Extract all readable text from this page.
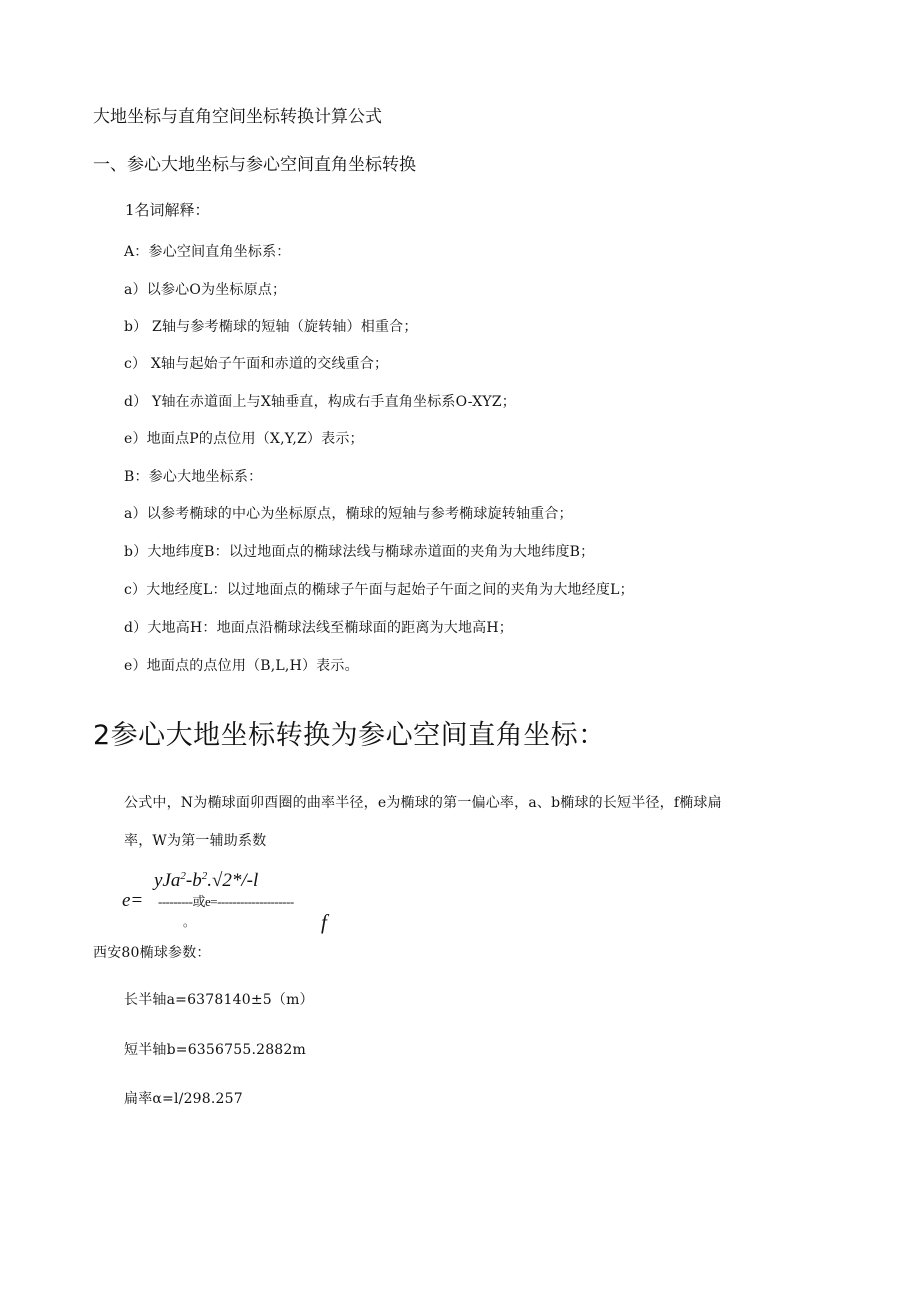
大地坐标与直角空间坐标转换计算公式
一、参心大地坐标与参心空间直角坐标转换
1名词解释：
A：参心空间直角坐标系：
a）以参心O为坐标原点；
b） Z轴与参考椭球的短轴（旋转轴）相重合；
c） X轴与起始子午面和赤道的交线重合；
d） Y轴在赤道面上与X轴垂直，构成右手直角坐标系O-XYZ；
e）地面点P的点位用（X,Y,Z）表示；
B：参心大地坐标系：
a）以参考椭球的中心为坐标原点，椭球的短轴与参考椭球旋转轴重合；
b）大地纬度B：以过地面点的椭球法线与椭球赤道面的夹角为大地纬度B；
c）大地经度L：以过地面点的椭球子午面与起始子午面之间的夹角为大地经度L；
d）大地高H：地面点沿椭球法线至椭球面的距离为大地高H；
e）地面点的点位用（B,L,H）表示。
2参心大地坐标转换为参心空间直角坐标：
公式中，N为椭球面卯酉圈的曲率半径，e为椭球的第一偏心率，a、b椭球的长短半径，f椭球扁
率，W为第一辅助系数
$yJa^2-b^2.√2*/-l$
e= ---------或e=--------------------
。	f
西安80椭球参数：
长半轴a=6378140±5（m）
短半轴b=6356755.2882m
扁率α=l∕298.257
